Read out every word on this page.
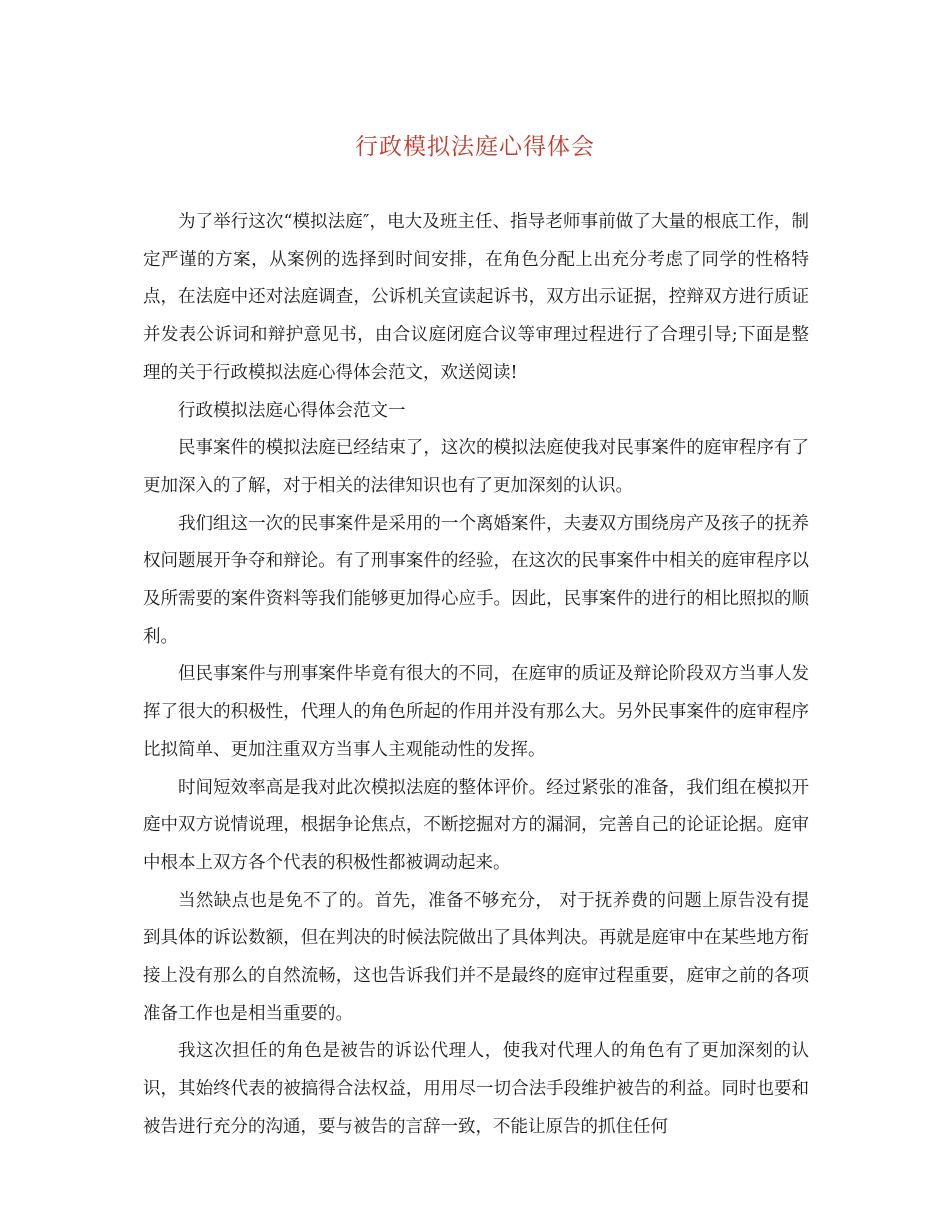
行政模拟法庭心得体会

为了举行这次“模拟法庭″，电大及班主任、指导老师事前做了大量的根底工作，制定严谨的方案，从案例的选择到时间安排，在角色分配上出充分考虑了同学的性格特点，在法庭中还对法庭调查，公诉机关宣读起诉书，双方出示证据，控辩双方进行质证并发表公诉词和辩护意见书，由合议庭闭庭合议等审理过程进行了合理引导;下面是整理的关于行政模拟法庭心得体会范文，欢送阅读!

行政模拟法庭心得体会范文一

民事案件的模拟法庭已经结束了，这次的模拟法庭使我对民事案件的庭审程序有了更加深入的了解，对于相关的法律知识也有了更加深刻的认识。

我们组这一次的民事案件是采用的一个离婚案件，夫妻双方围绕房产及孩子的抚养权问题展开争夺和辩论。有了刑事案件的经验，在这次的民事案件中相关的庭审程序以及所需要的案件资料等我们能够更加得心应手。因此，民事案件的进行的相比照拟的顺利。

但民事案件与刑事案件毕竟有很大的不同，在庭审的质证及辩论阶段双方当事人发挥了很大的积极性，代理人的角色所起的作用并没有那么大。另外民事案件的庭审程序比拟简单、更加注重双方当事人主观能动性的发挥。

时间短效率高是我对此次模拟法庭的整体评价。经过紧张的准备，我们组在模拟开庭中双方说情说理，根据争论焦点，不断挖掘对方的漏洞，完善自己的论证论据。庭审中根本上双方各个代表的积极性都被调动起来。

当然缺点也是免不了的。首先，准备不够充分， 对于抚养费的问题上原告没有提到具体的诉讼数额，但在判决的时候法院做出了具体判决。再就是庭审中在某些地方衔接上没有那么的自然流畅，这也告诉我们并不是最终的庭审过程重要，庭审之前的各项准备工作也是相当重要的。

我这次担任的角色是被告的诉讼代理人，使我对代理人的角色有了更加深刻的认识，其始终代表的被搞得合法权益，用用尽一切合法手段维护被告的利益。同时也要和被告进行充分的沟通，要与被告的言辞一致，不能让原告的抓住任何
